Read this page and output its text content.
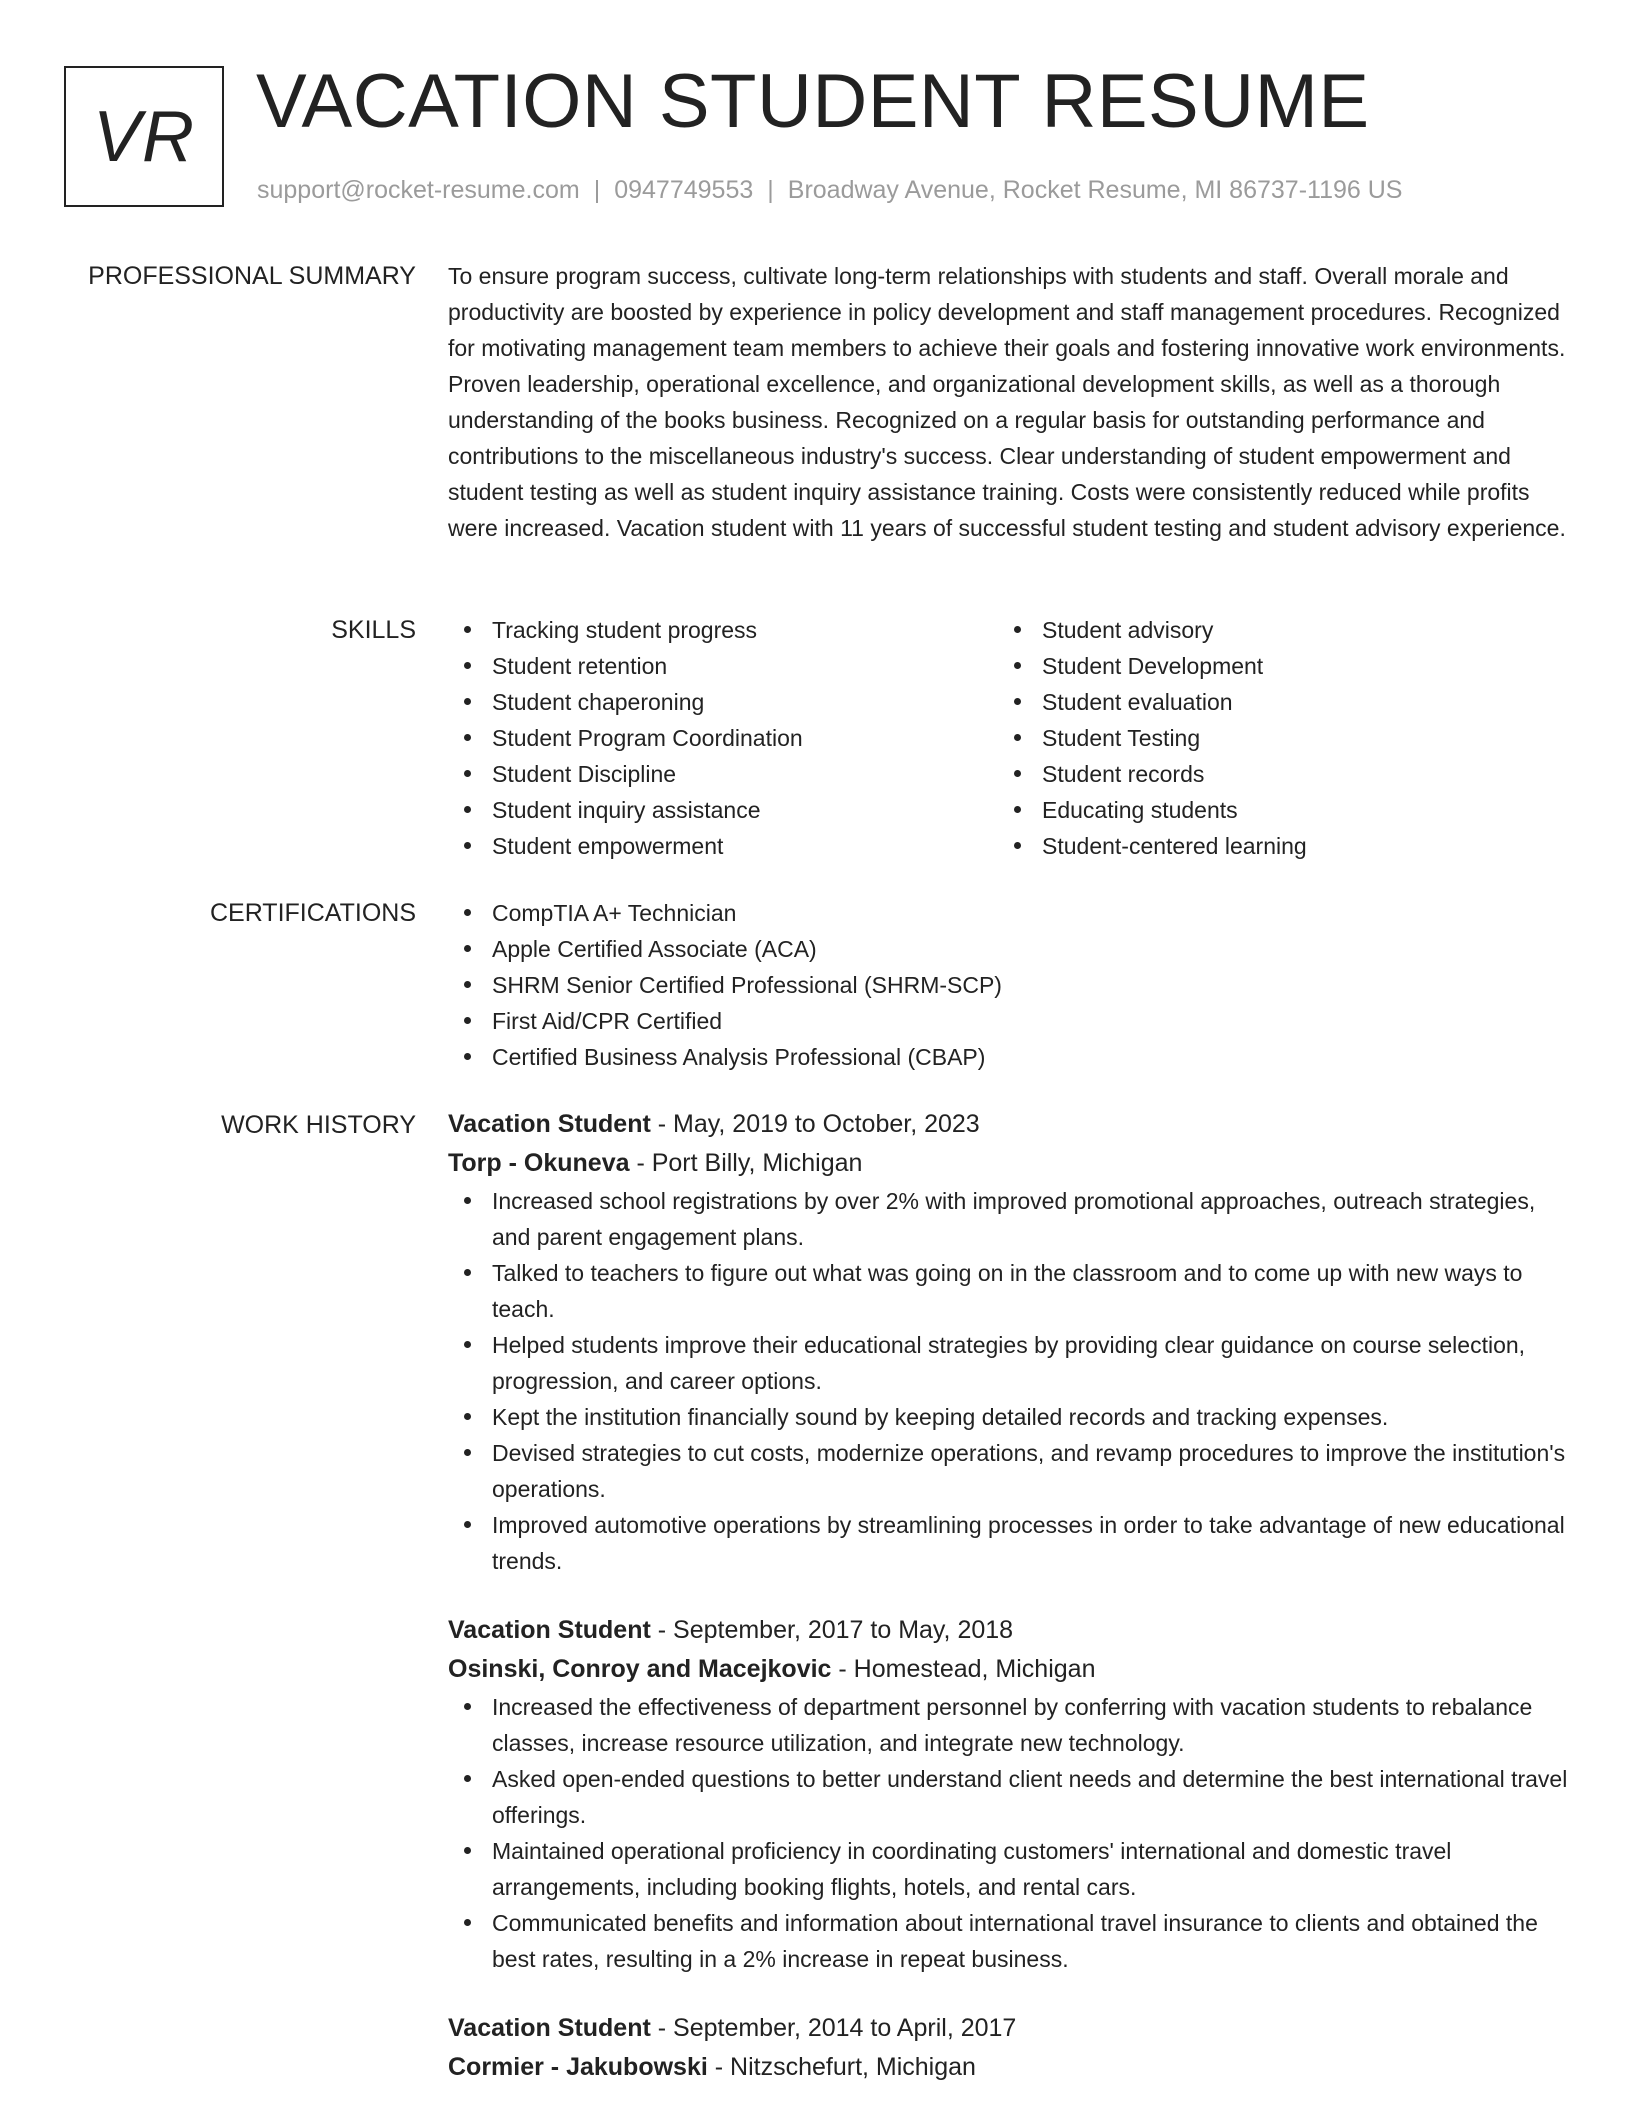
VR VACATION STUDENT RESUME
support@rocket-resume.com | 0947749553 | Broadway Avenue, Rocket Resume, MI 86737-1196 US
PROFESSIONAL SUMMARY To ensure program success, cultivate long-term relationships with students and staff. Overall morale and productivity are boosted by experience in policy development and staff management procedures. Recognized for motivating management team members to achieve their goals and fostering innovative work environments. Proven leadership, operational excellence, and organizational development skills, as well as a thorough understanding of the books business. Recognized on a regular basis for outstanding performance and contributions to the miscellaneous industry's success. Clear understanding of student empowerment and student testing as well as student inquiry assistance training. Costs were consistently reduced while profits were increased. Vacation student with 11 years of successful student testing and student advisory experience.

SKILLS	Tracking student progress
Student retention
Student chaperoning
Student Program Coordination
Student Discipline
Student inquiry assistance
Student empowerment
Student advisory
Student Development
Student evaluation
Student Testing
Student records
Educating students
Student-centered learning
CERTIFICATIONS	CompTIA A+ Technician
Apple Certified Associate (ACA)
SHRM Senior Certified Professional (SHRM-SCP)
First Aid/CPR Certified
Certified Business Analysis Professional (CBAP)
WORK HISTORY Vacation Student - May, 2019 to October, 2023
Torp - Okuneva - Port Billy, Michigan
Increased school registrations by over 2% with improved promotional approaches, outreach strategies, and parent engagement plans.
Talked to teachers to figure out what was going on in the classroom and to come up with new ways to teach.
Helped students improve their educational strategies by providing clear guidance on course selection, progression, and career options.
Kept the institution financially sound by keeping detailed records and tracking expenses.
Devised strategies to cut costs, modernize operations, and revamp procedures to improve the institution's operations.
Improved automotive operations by streamlining processes in order to take advantage of new educational trends.
Vacation Student - September, 2017 to May, 2018
Osinski, Conroy and Macejkovic - Homestead, Michigan
Increased the effectiveness of department personnel by conferring with vacation students to rebalance classes, increase resource utilization, and integrate new technology.
Asked open-ended questions to better understand client needs and determine the best international travel offerings.
Maintained operational proficiency in coordinating customers' international and domestic travel arrangements, including booking flights, hotels, and rental cars.
Communicated benefits and information about international travel insurance to clients and obtained the best rates, resulting in a 2% increase in repeat business.
Vacation Student - September, 2014 to April, 2017
Cormier - Jakubowski - Nitzschefurt, Michigan
